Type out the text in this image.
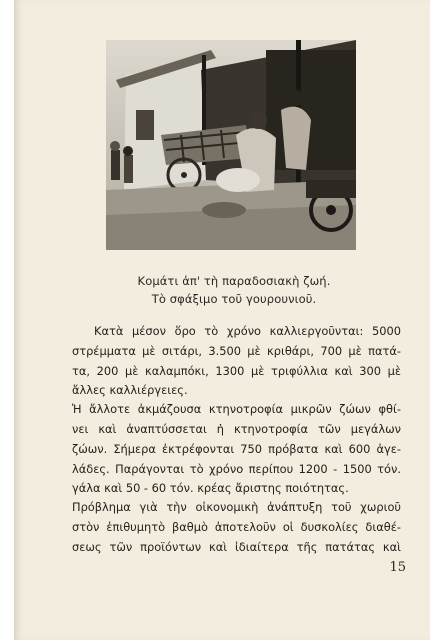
Κομάτι ἀπ' τὴ παραδοσιακὴ ζωή.
Τὸ σφάξιμο τοῦ γουρουνιοῦ.
Κατὰ μέσον ὅρο τὸ χρόνο καλλιεργοῦνται: 5000
στρέμματα μὲ σιτάρι, 3.500 μὲ κριθάρι, 700 μὲ πατά-
τα, 200 μὲ καλαμπόκι, 1300 μὲ τριφύλλια καὶ 300 μὲ
ἄλλες καλλιέργειες.
Ἡ ἄλλοτε ἀκμάζουσα κτηνοτροφία μικρῶν ζώων φθί-
νει καὶ ἀναπτύσσεται ἡ κτηνοτροφία τῶν μεγάλων
ζώων. Σήμερα ἐκτρέφονται 750 πρόβατα καὶ 600 ἀγε-
λάδες. Παράγονται τὸ χρόνο περίπου 1200 - 1500 τόν.
γάλα καὶ 50 - 60 τόν. κρέας ἄριστης ποιότητας.
Πρόβλημα γιὰ τὴν οἰκονομικὴ ἀνάπτυξη τοῦ χωριοῦ
στὸν ἐπιθυμητὸ βαθμὸ ἀποτελοῦν οἱ δυσκολίες διαθέ-
σεως τῶν προϊόντων καὶ ἰδιαίτερα τῆς πατάτας καὶ
15
